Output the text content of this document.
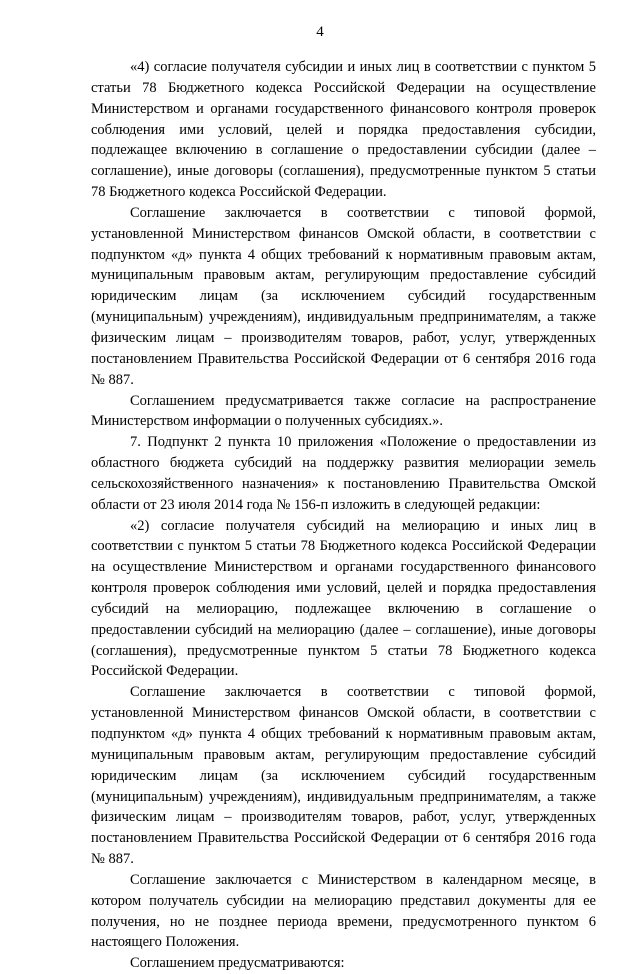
4

«4) согласие получателя субсидии и иных лиц в соответствии с пунктом 5 статьи 78 Бюджетного кодекса Российской Федерации на осуществление Министерством и органами государственного финансового контроля проверок соблюдения ими условий, целей и порядка предоставления субсидии, подлежащее включению в соглашение о предоставлении субсидии (далее – соглашение), иные договоры (соглашения), предусмотренные пунктом 5 статьи 78 Бюджетного кодекса Российской Федерации.

Соглашение заключается в соответствии с типовой формой, установленной Министерством финансов Омской области, в соответствии с подпунктом «д» пункта 4 общих требований к нормативным правовым актам, муниципальным правовым актам, регулирующим предоставление субсидий юридическим лицам (за исключением субсидий государственным (муниципальным) учреждениям), индивидуальным предпринимателям, а также физическим лицам – производителям товаров, работ, услуг, утвержденных постановлением Правительства Российской Федерации от 6 сентября 2016 года № 887.

Соглашением предусматривается также согласие на распространение Министерством информации о полученных субсидиях.».

7. Подпункт 2 пункта 10 приложения «Положение о предоставлении из областного бюджета субсидий на поддержку развития мелиорации земель сельскохозяйственного назначения» к постановлению Правительства Омской области от 23 июля 2014 года № 156-п изложить в следующей редакции:

«2) согласие получателя субсидий на мелиорацию и иных лиц в соответствии с пунктом 5 статьи 78 Бюджетного кодекса Российской Федерации на осуществление Министерством и органами государственного финансового контроля проверок соблюдения ими условий, целей и порядка предоставления субсидий на мелиорацию, подлежащее включению в соглашение о предоставлении субсидий на мелиорацию (далее – соглашение), иные договоры (соглашения), предусмотренные пунктом 5 статьи 78 Бюджетного кодекса Российской Федерации.

Соглашение заключается в соответствии с типовой формой, установленной Министерством финансов Омской области, в соответствии с подпунктом «д» пункта 4 общих требований к нормативным правовым актам, муниципальным правовым актам, регулирующим предоставление субсидий юридическим лицам (за исключением субсидий государственным (муниципальным) учреждениям), индивидуальным предпринимателям, а также физическим лицам – производителям товаров, работ, услуг, утвержденных постановлением Правительства Российской Федерации от 6 сентября 2016 года № 887.

Соглашение заключается с Министерством в календарном месяце, в котором получатель субсидии на мелиорацию представил документы для ее получения, но не позднее периода времени, предусмотренного пунктом 6 настоящего Положения.

Соглашением предусматриваются:
